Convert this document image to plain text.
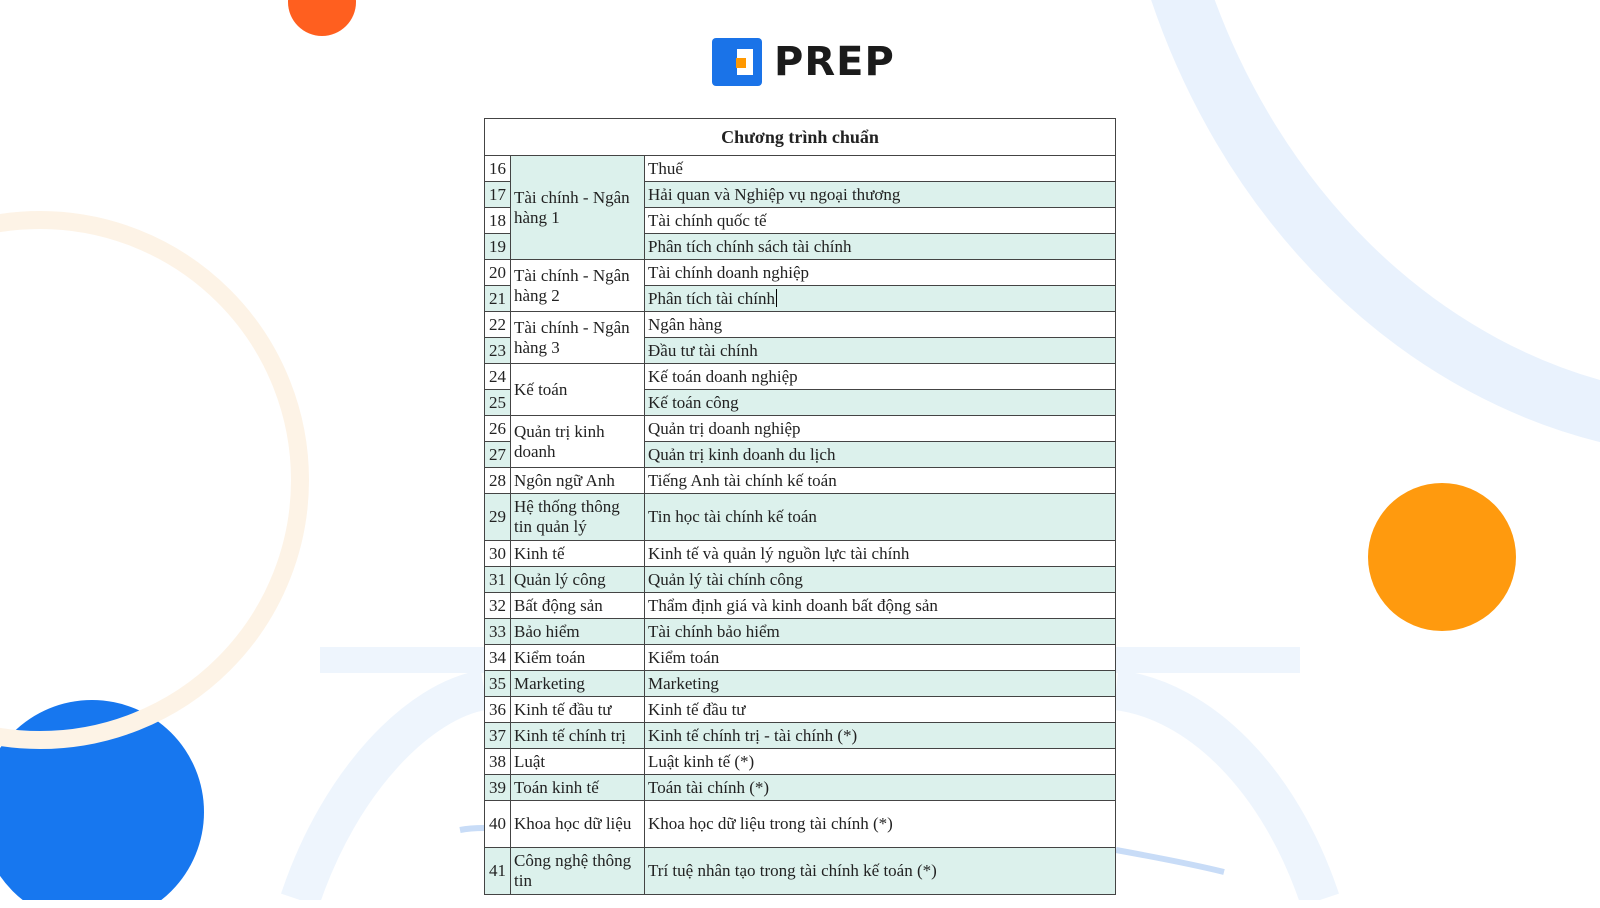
PREP
Chương trình chuẩn		
16	Tài chính - Ngân hàng 1	Thuế
17		Hải quan và Nghiệp vụ ngoại thương
18		Tài chính quốc tế
19		Phân tích chính sách tài chính
20	Tài chính - Ngân hàng 2	Tài chính doanh nghiệp
21		Phân tích tài chính
22	Tài chính - Ngân hàng 3	Ngân hàng
23		Đầu tư tài chính
24	Kế toán	Kế toán doanh nghiệp
25		Kế toán công
26	Quản trị kinh doanh	Quản trị doanh nghiệp
27		Quản trị kinh doanh du lịch
28	Ngôn ngữ Anh	Tiếng Anh tài chính kế toán
29	Hệ thống thông tin quản lý	Tin học tài chính kế toán
30	Kinh tế	Kinh tế và quản lý nguồn lực tài chính
31	Quản lý công	Quản lý tài chính công
32	Bất động sản	Thẩm định giá và kinh doanh bất động sản
33	Bảo hiểm	Tài chính bảo hiểm
34	Kiểm toán	Kiểm toán
35	Marketing	Marketing
36	Kinh tế đầu tư	Kinh tế đầu tư
37	Kinh tế chính trị	Kinh tế chính trị - tài chính (*)
38	Luật	Luật kinh tế (*)
39	Toán kinh tế	Toán tài chính (*)
40	Khoa học dữ liệu	Khoa học dữ liệu trong tài chính (*)
41	Công nghệ thông tin	Trí tuệ nhân tạo trong tài chính kế toán (*)
